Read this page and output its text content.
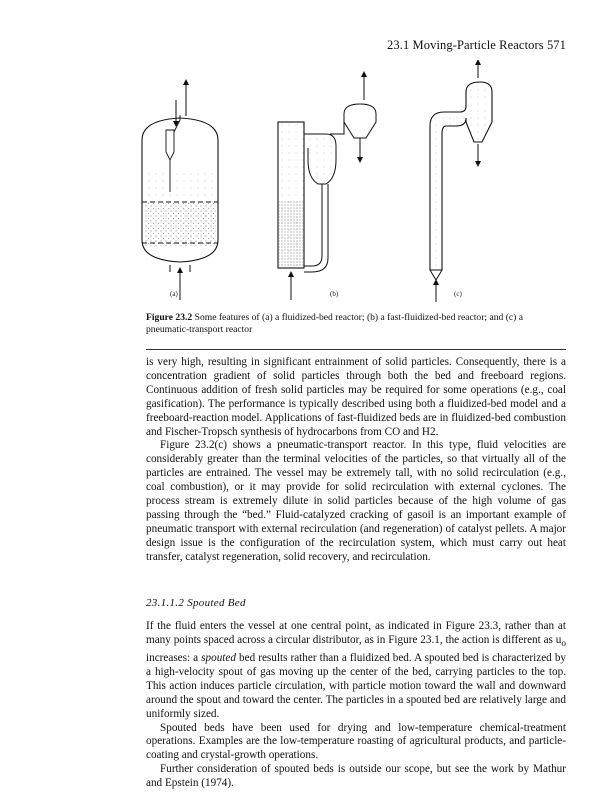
23.1 Moving-Particle Reactors 571
(a)	(b)	(c)
Figure 23.2 Some features of (a) a fluidized-bed reactor; (b) a fast-fluidized-bed reactor; and (c) a pneumatic-transport reactor

is very high, resulting in significant entrainment of solid particles. Consequently, there is a concentration gradient of solid particles through both the bed and freeboard regions. Continuous addition of fresh solid particles may be required for some operations (e.g., coal gasification). The performance is typically described using both a fluidized-bed model and a freeboard-reaction model. Applications of fast-fluidized beds are in fluidized-bed combustion and Fischer-Tropsch synthesis of hydrocarbons from CO and H2.

Figure 23.2(c) shows a pneumatic-transport reactor. In this type, fluid velocities are considerably greater than the terminal velocities of the particles, so that virtually all of the particles are entrained. The vessel may be extremely tall, with no solid recirculation (e.g., coal combustion), or it may provide for solid recirculation with external cyclones. The process stream is extremely dilute in solid particles because of the high volume of gas passing through the “bed.” Fluid-catalyzed cracking of gasoil is an important example of pneumatic transport with external recirculation (and regeneration) of catalyst pellets. A major design issue is the configuration of the recirculation system, which must carry out heat transfer, catalyst regeneration, solid recovery, and recirculation.

23.1.1.2 Spouted Bed

If the fluid enters the vessel at one central point, as indicated in Figure 23.3, rather than at many points spaced across a circular distributor, as in Figure 23.1, the action is different as $u_o$ increases: a spouted bed results rather than a fluidized bed. A spouted bed is characterized by a high-velocity spout of gas moving up the center of the bed, carrying particles to the top. This action induces particle circulation, with particle motion toward the wall and downward around the spout and toward the center. The particles in a spouted bed are relatively large and uniformly sized.

Spouted beds have been used for drying and low-temperature chemical-treatment operations. Examples are the low-temperature roasting of agricultural products, and particle-coating and crystal-growth operations.

Further consideration of spouted beds is outside our scope, but see the work by Mathur and Epstein (1974).
